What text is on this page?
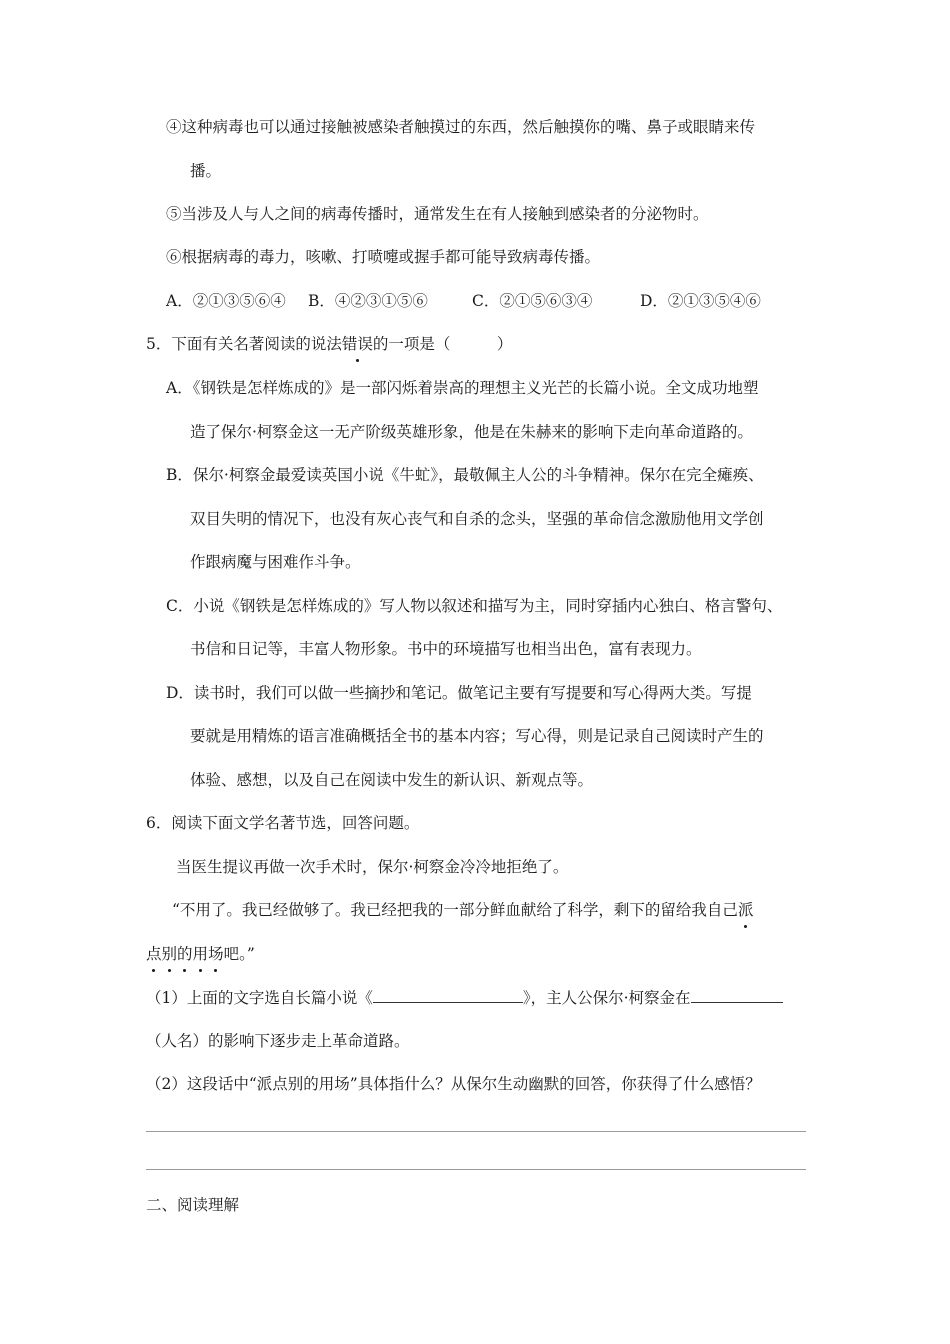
④这种病毒也可以通过接触被感染者触摸过的东西，然后触摸你的嘴、鼻子或眼睛来传
播。
⑤当涉及人与人之间的病毒传播时，通常发生在有人接触到感染者的分泌物时。
⑥根据病毒的毒力，咳嗽、打喷嚏或握手都可能导致病毒传播。
A．②①③⑤⑥④ B．④②③①⑤⑥	C．②①⑤⑥③④	D．②①③⑤④⑥
5．下面有关名著阅读的说法错误的一项是（　　　）
A．《钢铁是怎样炼成的》是一部闪烁着崇高的理想主义光芒的长篇小说。全文成功地塑
造了保尔·柯察金这一无产阶级英雄形象，他是在朱赫来的影响下走向革命道路的。
B．保尔·柯察金最爱读英国小说《牛虻》，最敬佩主人公的斗争精神。保尔在完全瘫痪、
双目失明的情况下，也没有灰心丧气和自杀的念头，坚强的革命信念激励他用文学创
作跟病魔与困难作斗争。
C．小说《钢铁是怎样炼成的》写人物以叙述和描写为主，同时穿插内心独白、格言警句、
书信和日记等，丰富人物形象。书中的环境描写也相当出色，富有表现力。
D．读书时，我们可以做一些摘抄和笔记。做笔记主要有写提要和写心得两大类。写提
要就是用精炼的语言准确概括全书的基本内容；写心得，则是记录自己阅读时产生的
体验、感想，以及自己在阅读中发生的新认识、新观点等。
6．阅读下面文学名著节选，回答问题。
当医生提议再做一次手术时，保尔·柯察金冷冷地拒绝了。
“不用了。我已经做够了。我已经把我的一部分鲜血献给了科学，剩下的留给我自己派
点别的用场吧。”
（1）上面的文字选自长篇小说《	》，主人公保尔·柯察金在
（人名）的影响下逐步走上革命道路。
（2）这段话中“派点别的用场”具体指什么？从保尔生动幽默的回答，你获得了什么感悟？
二、阅读理解
